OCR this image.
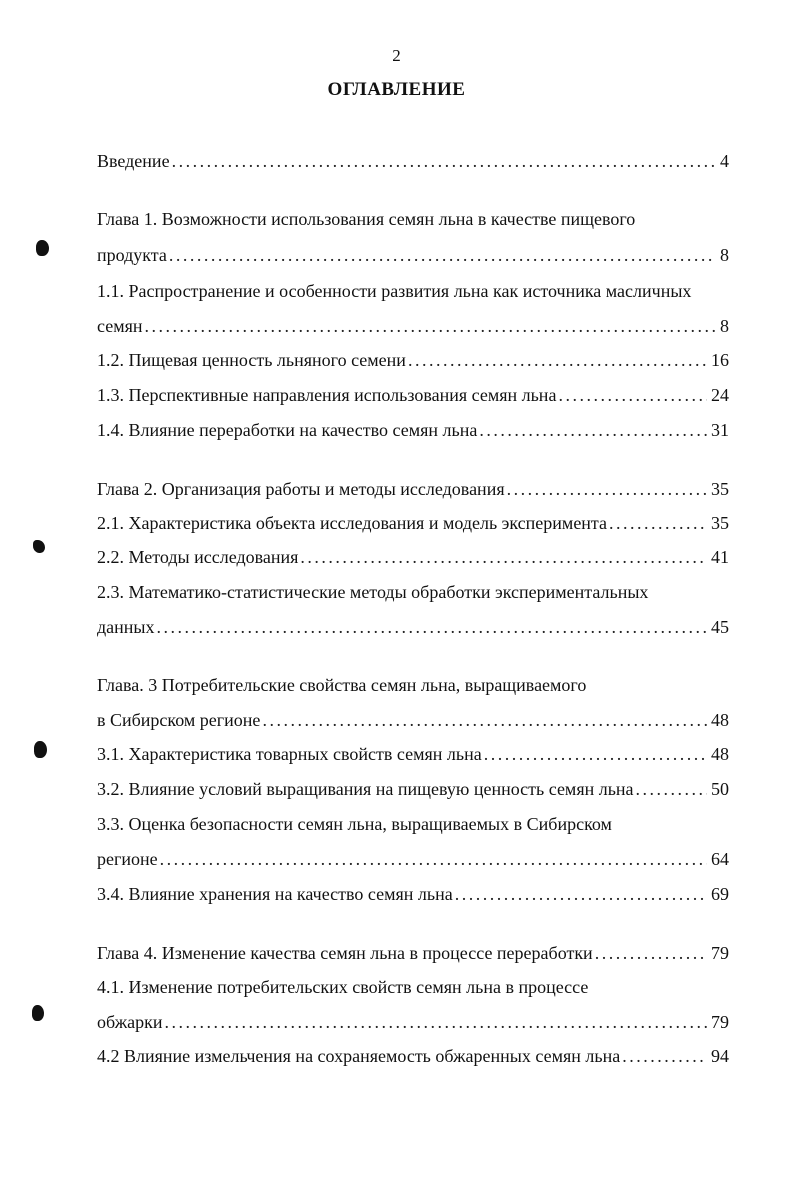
2
ОГЛАВЛЕНИЕ
Введение . . .	4
Глава 1. Возможности использования семян льна в качестве пищевого
продукта . . .	8
1.1. Распространение и особенности развития льна как источника масличных
семян . . .	8
1.2. Пищевая ценность льняного семени . . .	16
1.3. Перспективные направления использования семян льна . . .	24
1.4. Влияние переработки на качество семян льна . . .	31
Глава 2. Организация работы и методы исследования . . .	35
2.1. Характеристика объекта исследования и модель эксперимента . . .	35
2.2. Методы исследования . . .	41
2.3. Математико-статистические методы обработки экспериментальных
данных . . .	45
Глава. 3 Потребительские свойства семян льна, выращиваемого
в Сибирском регионе . . .	48
3.1. Характеристика товарных свойств семян льна . . .	48
3.2. Влияние условий выращивания на пищевую ценность семян льна . . .	50
3.3. Оценка безопасности семян льна, выращиваемых в Сибирском
регионе . . .	64
3.4. Влияние хранения на качество семян льна . . .	69
Глава 4. Изменение качества семян льна в процессе переработки . . .	79
4.1. Изменение потребительских свойств семян льна в процессе
обжарки . . .	79
4.2 Влияние измельчения на сохраняемость обжаренных семян льна . . .	94
